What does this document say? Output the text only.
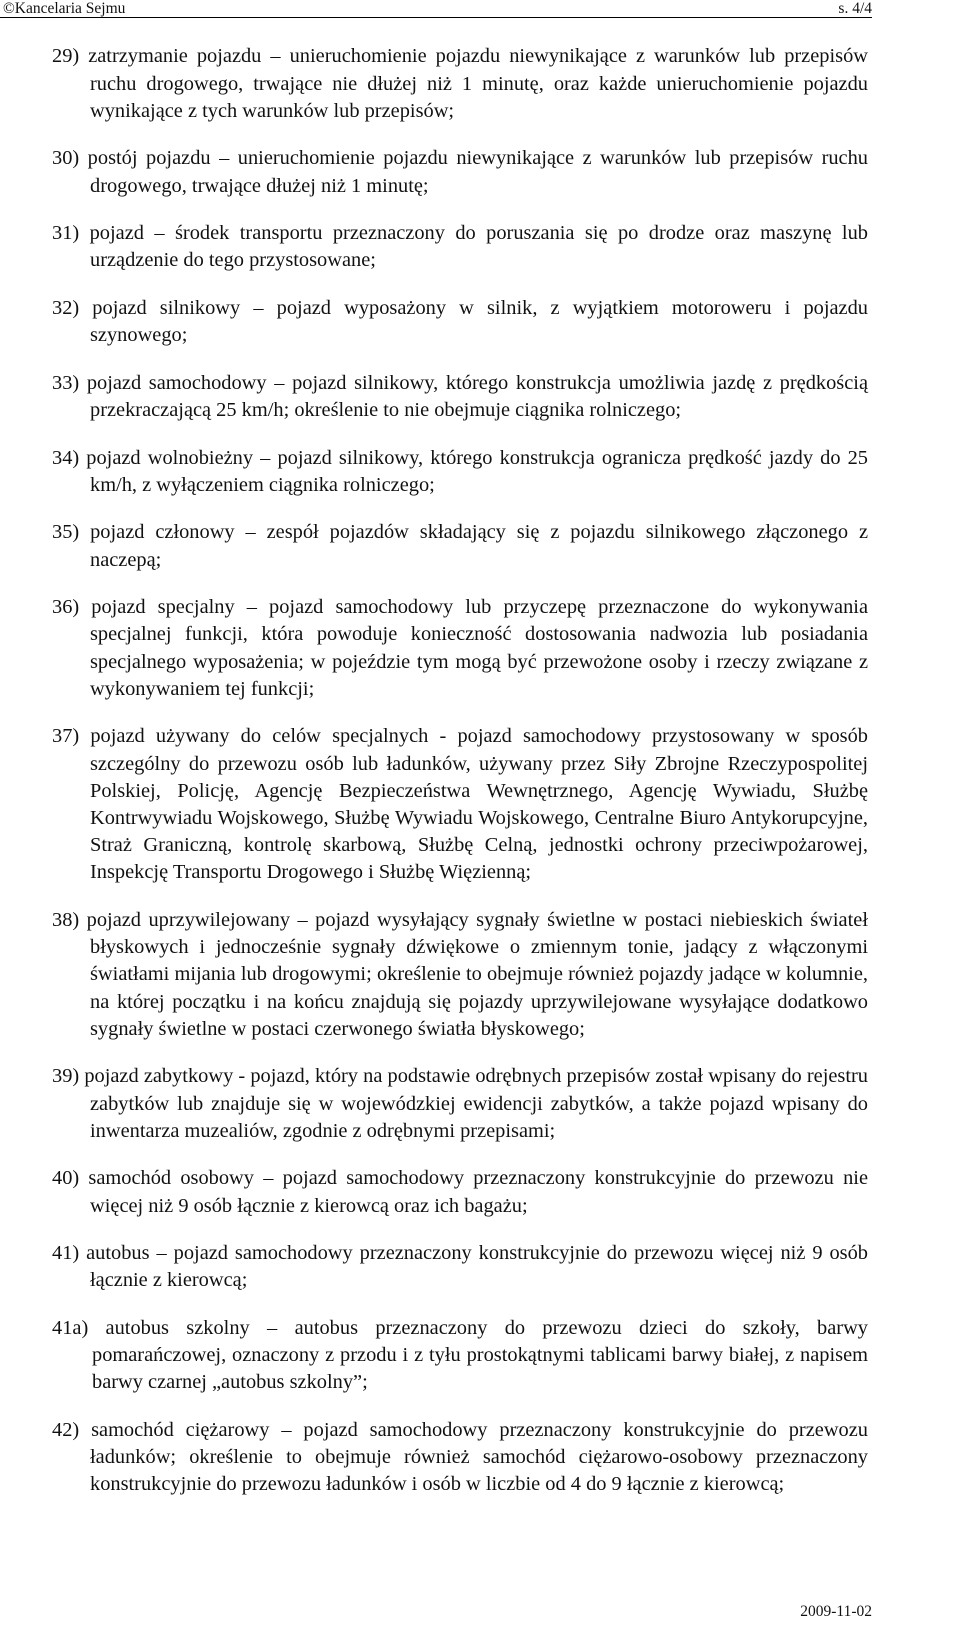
©Kancelaria Sejmu	s. 4/4

29) zatrzymanie pojazdu – unieruchomienie pojazdu niewynikające z warunków lub przepisów ruchu drogowego, trwające nie dłużej niż 1 minutę, oraz każde unieruchomienie pojazdu wynikające z tych warunków lub przepisów;

30) postój pojazdu – unieruchomienie pojazdu niewynikające z warunków lub przepisów ruchu drogowego, trwające dłużej niż 1 minutę;

31) pojazd – środek transportu przeznaczony do poruszania się po drodze oraz maszynę lub urządzenie do tego przystosowane;

32) pojazd silnikowy – pojazd wyposażony w silnik, z wyjątkiem motoroweru i pojazdu szynowego;

33) pojazd samochodowy – pojazd silnikowy, którego konstrukcja umożliwia jazdę z prędkością przekraczającą 25 km/h; określenie to nie obejmuje ciągnika rolniczego;

34) pojazd wolnobieżny – pojazd silnikowy, którego konstrukcja ogranicza prędkość jazdy do 25 km/h, z wyłączeniem ciągnika rolniczego;

35) pojazd członowy – zespół pojazdów składający się z pojazdu silnikowego złączonego z naczepą;

36) pojazd specjalny – pojazd samochodowy lub przyczepę przeznaczone do wykonywania specjalnej funkcji, która powoduje konieczność dostosowania nadwozia lub posiadania specjalnego wyposażenia; w pojeździe tym mogą być przewożone osoby i rzeczy związane z wykonywaniem tej funkcji;

37) pojazd używany do celów specjalnych - pojazd samochodowy przystosowany w sposób szczególny do przewozu osób lub ładunków, używany przez Siły Zbrojne Rzeczypospolitej Polskiej, Policję, Agencję Bezpieczeństwa Wewnętrznego, Agencję Wywiadu, Służbę Kontrwywiadu Wojskowego, Służbę Wywiadu Wojskowego, Centralne Biuro Antykorupcyjne, Straż Graniczną, kontrolę skarbową, Służbę Celną, jednostki ochrony przeciwpożarowej, Inspekcję Transportu Drogowego i Służbę Więzienną;

38) pojazd uprzywilejowany – pojazd wysyłający sygnały świetlne w postaci niebieskich świateł błyskowych i jednocześnie sygnały dźwiękowe o zmiennym tonie, jadący z włączonymi światłami mijania lub drogowymi; określenie to obejmuje również pojazdy jadące w kolumnie, na której początku i na końcu znajdują się pojazdy uprzywilejowane wysyłające dodatkowo sygnały świetlne w postaci czerwonego światła błyskowego;

39) pojazd zabytkowy - pojazd, który na podstawie odrębnych przepisów został wpisany do rejestru zabytków lub znajduje się w wojewódzkiej ewidencji zabytków, a także pojazd wpisany do inwentarza muzealiów, zgodnie z odrębnymi przepisami;

40) samochód osobowy – pojazd samochodowy przeznaczony konstrukcyjnie do przewozu nie więcej niż 9 osób łącznie z kierowcą oraz ich bagażu;

41) autobus – pojazd samochodowy przeznaczony konstrukcyjnie do przewozu więcej niż 9 osób łącznie z kierowcą;

41a) autobus szkolny – autobus przeznaczony do przewozu dzieci do szkoły, barwy pomarańczowej, oznaczony z przodu i z tyłu prostokątnymi tablicami barwy białej, z napisem barwy czarnej „autobus szkolny”;

42) samochód ciężarowy – pojazd samochodowy przeznaczony konstrukcyjnie do przewozu ładunków; określenie to obejmuje również samochód ciężarowo-osobowy przeznaczony konstrukcyjnie do przewozu ładunków i osób w liczbie od 4 do 9 łącznie z kierowcą;

2009-11-02
